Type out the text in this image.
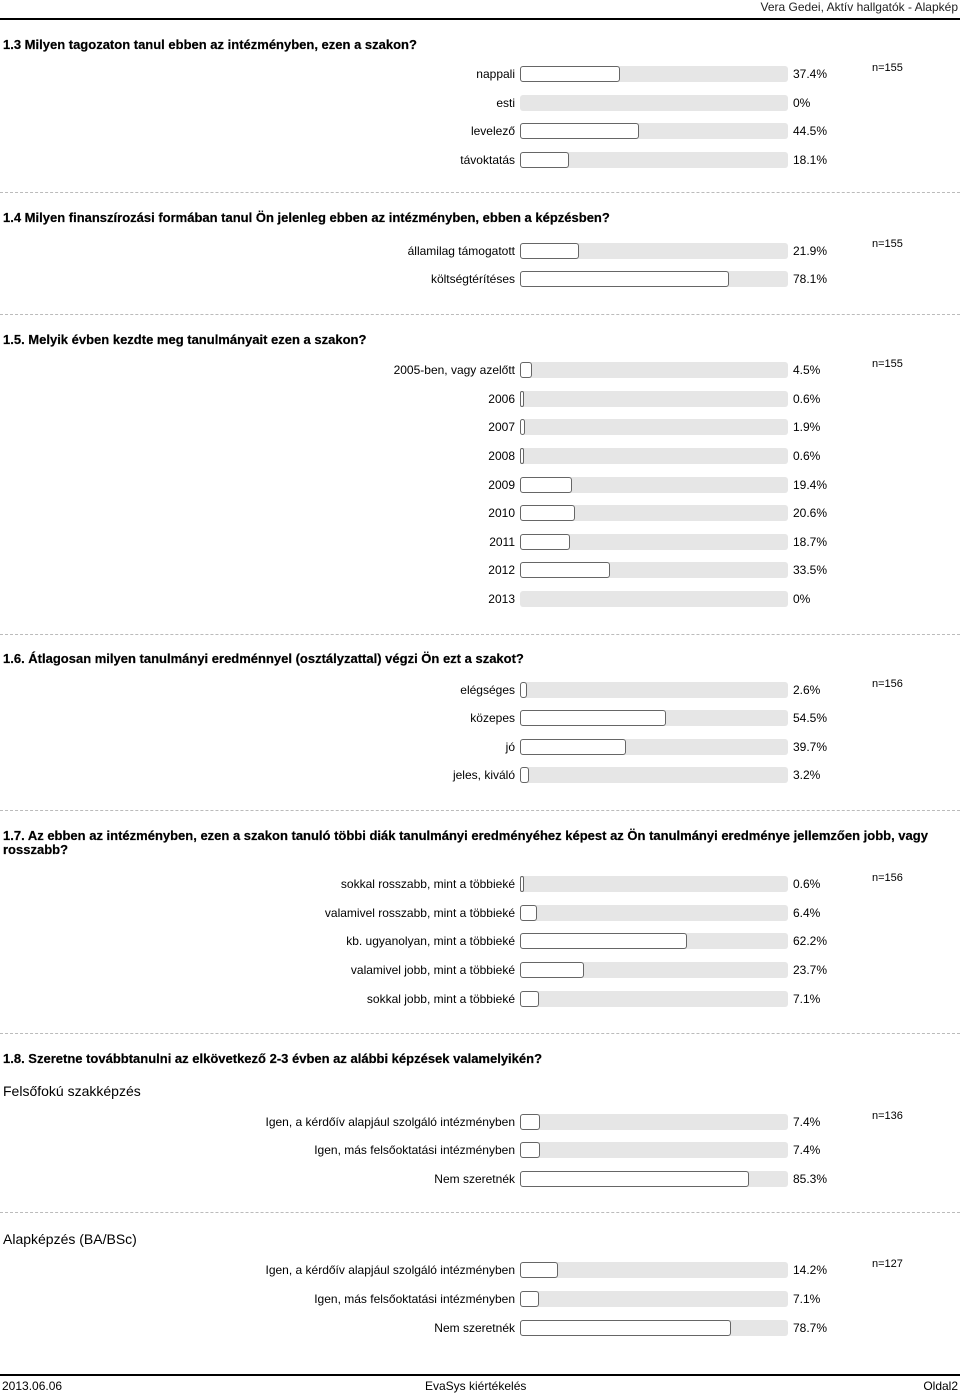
Vera Gedei, Aktív hallgatók - Alapkép
1.3 Milyen tagozaton tanul ebben az intézményben, ezen a szakon?
n=155
nappali	37.4%
esti	0%
levelező	44.5%
távoktatás	18.1%
1.4 Milyen finanszírozási formában tanul Ön jelenleg ebben az intézményben, ebben a képzésben?
n=155
államilag támogatott	21.9%
költségtérítéses	78.1%
1.5. Melyik évben kezdte meg tanulmányait ezen a szakon?
n=155
2005-ben, vagy azelőtt	4.5%
2006	0.6%
2007	1.9%
2008	0.6%
2009	19.4%
2010	20.6%
2011	18.7%
2012	33.5%
2013	0%
1.6. Átlagosan milyen tanulmányi eredménnyel (osztályzattal) végzi Ön ezt a szakot?
n=156
elégséges	2.6%
közepes	54.5%
jó	39.7%
jeles, kiváló	3.2%
1.7. Az ebben az intézményben, ezen a szakon tanuló többi diák tanulmányi eredményéhez képest az Ön tanulmányi eredménye jellemzően jobb, vagy rosszabb?
n=156
sokkal rosszabb, mint a többieké	0.6%
valamivel rosszabb, mint a többieké	6.4%
kb. ugyanolyan, mint a többieké	62.2%
valamivel jobb, mint a többieké	23.7%
sokkal jobb, mint a többieké	7.1%
1.8. Szeretne továbbtanulni az elkövetkező 2-3 évben az alábbi képzések valamelyikén?
Felsőfokú szakképzés
n=136
Igen, a kérdőív alapjául szolgáló intézményben	7.4%
Igen, más felsőoktatási intézményben	7.4%
Nem szeretnék	85.3%
Alapképzés (BA/BSc)
n=127
Igen, a kérdőív alapjául szolgáló intézményben	14.2%
Igen, más felsőoktatási intézményben	7.1%
Nem szeretnék	78.7%
2013.06.06	EvaSys kiértékelés	Oldal2
